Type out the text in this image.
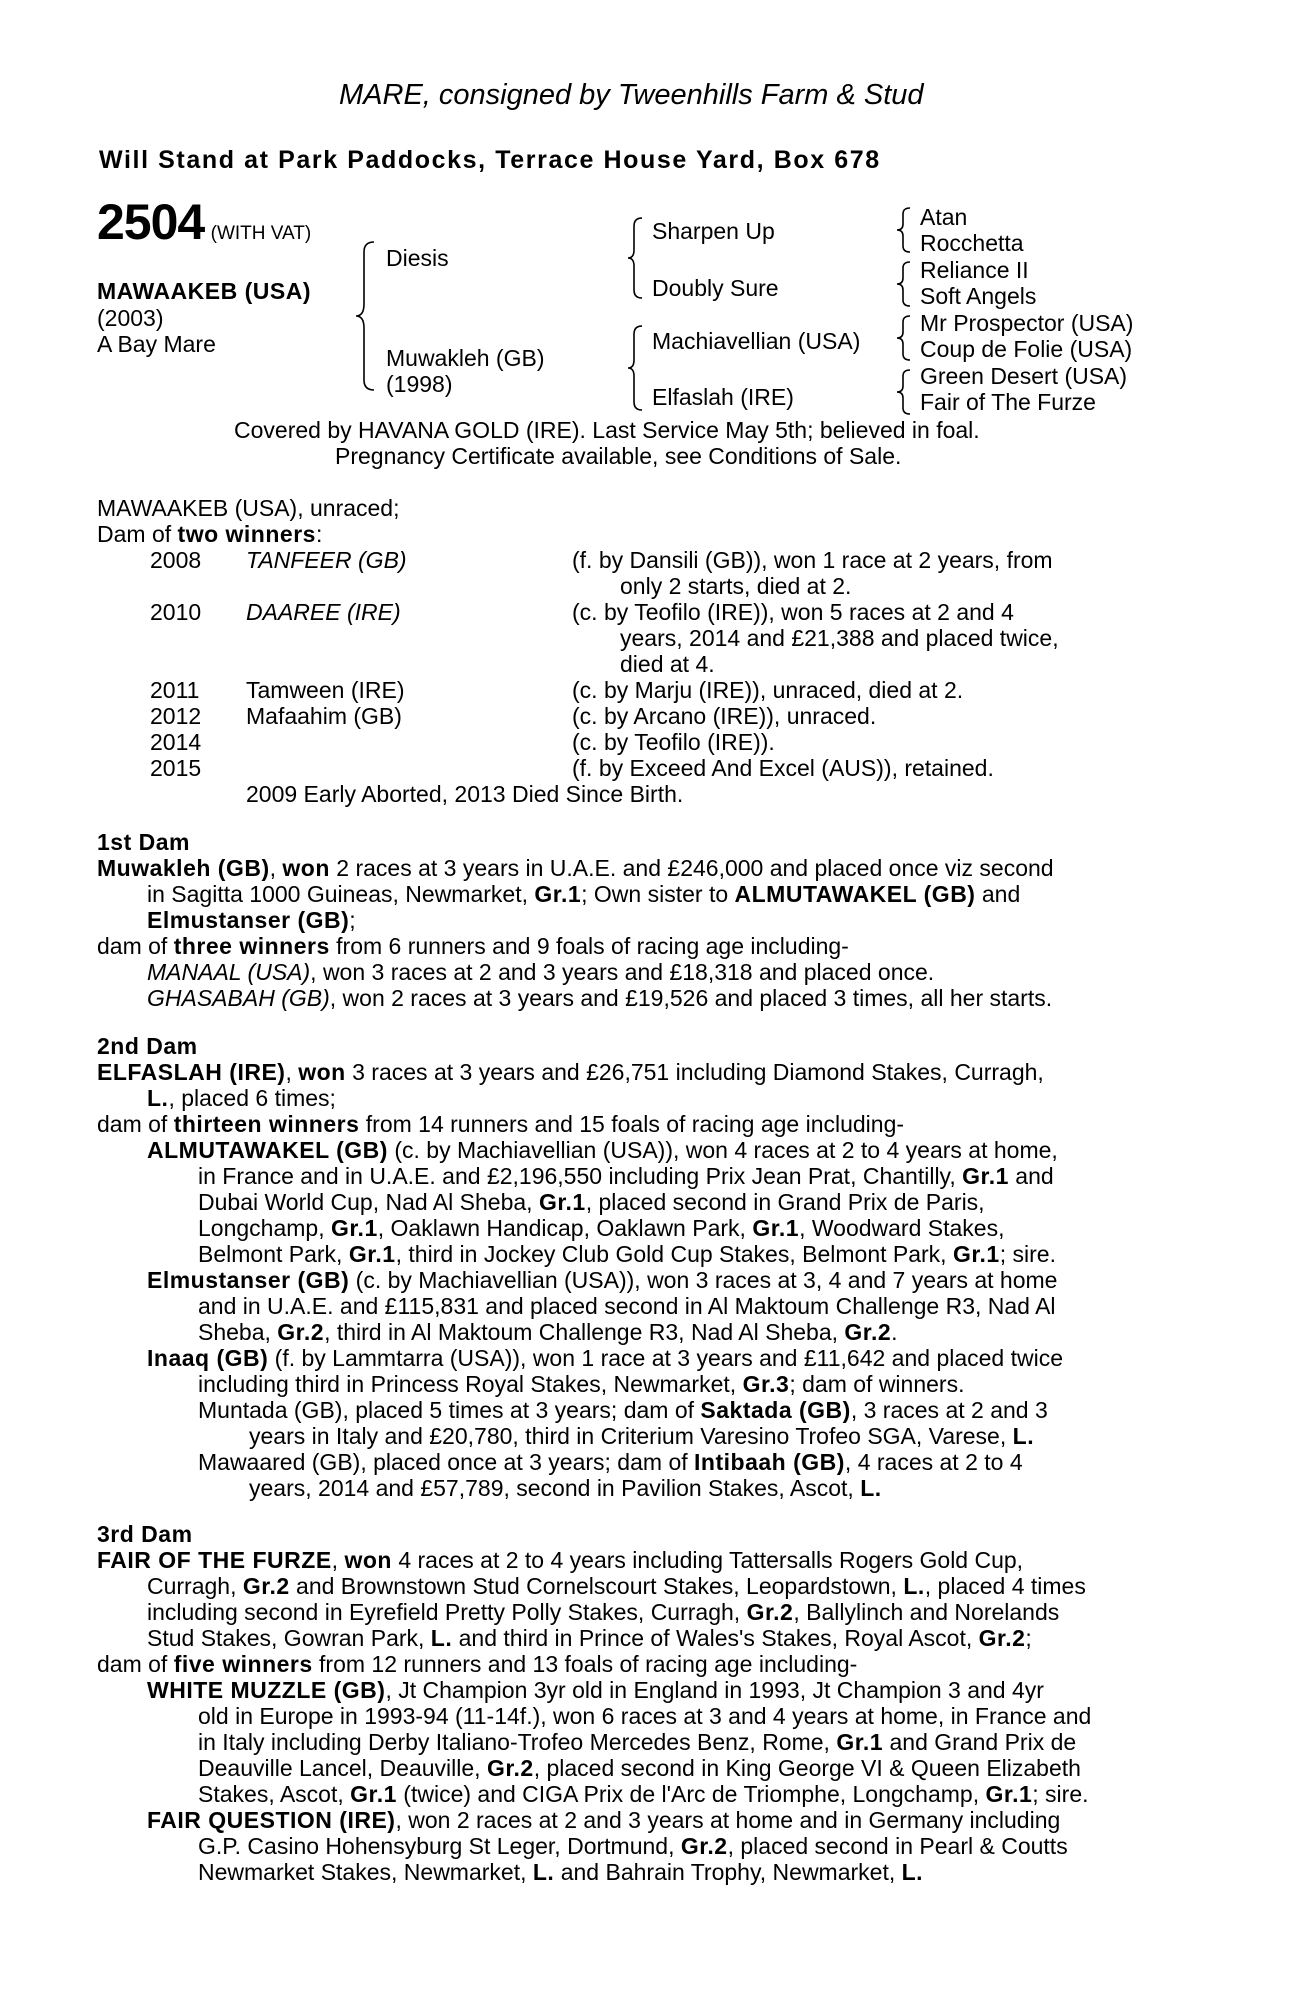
MARE, consigned by Tweenhills Farm & Stud
Will Stand at Park Paddocks, Terrace House Yard, Box 678
2504 (WITH VAT)
MAWAAKEB (USA)
(2003)
A Bay Mare
Diesis
Muwakleh (GB)
(1998)
Sharpen Up
Doubly Sure
Machiavellian (USA)
Elfaslah (IRE)
Atan
Rocchetta
Reliance II
Soft Angels
Mr Prospector (USA)
Coup de Folie (USA)
Green Desert (USA)
Fair of The Furze
Covered by HAVANA GOLD (IRE). Last Service May 5th; believed in foal.
Pregnancy Certificate available, see Conditions of Sale.
MAWAAKEB (USA), unraced;
Dam of two winners:
2008 TANFEER (GB)	(f. by Dansili (GB)), won 1 race at 2 years, from
only 2 starts, died at 2.
2010 DAAREE (IRE)	(c. by Teofilo (IRE)), won 5 races at 2 and 4
years, 2014 and £21,388 and placed twice,
died at 4.
2011 Tamween (IRE)	(c. by Marju (IRE)), unraced, died at 2.
2012 Mafaahim (GB)	(c. by Arcano (IRE)), unraced.
2014	(c. by Teofilo (IRE)).
2015	(f. by Exceed And Excel (AUS)), retained.
2009 Early Aborted, 2013 Died Since Birth.
1st Dam
Muwakleh (GB), won 2 races at 3 years in U.A.E. and £246,000 and placed once viz second
in Sagitta 1000 Guineas, Newmarket, Gr.1; Own sister to ALMUTAWAKEL (GB) and
Elmustanser (GB);
dam of three winners from 6 runners and 9 foals of racing age including-
MANAAL (USA), won 3 races at 2 and 3 years and £18,318 and placed once.
GHASABAH (GB), won 2 races at 3 years and £19,526 and placed 3 times, all her starts.
2nd Dam
ELFASLAH (IRE), won 3 races at 3 years and £26,751 including Diamond Stakes, Curragh,
L., placed 6 times;
dam of thirteen winners from 14 runners and 15 foals of racing age including-
ALMUTAWAKEL (GB) (c. by Machiavellian (USA)), won 4 races at 2 to 4 years at home,
in France and in U.A.E. and £2,196,550 including Prix Jean Prat, Chantilly, Gr.1 and
Dubai World Cup, Nad Al Sheba, Gr.1, placed second in Grand Prix de Paris,
Longchamp, Gr.1, Oaklawn Handicap, Oaklawn Park, Gr.1, Woodward Stakes,
Belmont Park, Gr.1, third in Jockey Club Gold Cup Stakes, Belmont Park, Gr.1; sire.
Elmustanser (GB) (c. by Machiavellian (USA)), won 3 races at 3, 4 and 7 years at home
and in U.A.E. and £115,831 and placed second in Al Maktoum Challenge R3, Nad Al
Sheba, Gr.2, third in Al Maktoum Challenge R3, Nad Al Sheba, Gr.2.
Inaaq (GB) (f. by Lammtarra (USA)), won 1 race at 3 years and £11,642 and placed twice
including third in Princess Royal Stakes, Newmarket, Gr.3; dam of winners.
Muntada (GB), placed 5 times at 3 years; dam of Saktada (GB), 3 races at 2 and 3
years in Italy and £20,780, third in Criterium Varesino Trofeo SGA, Varese, L.
Mawaared (GB), placed once at 3 years; dam of Intibaah (GB), 4 races at 2 to 4
years, 2014 and £57,789, second in Pavilion Stakes, Ascot, L.
3rd Dam
FAIR OF THE FURZE, won 4 races at 2 to 4 years including Tattersalls Rogers Gold Cup,
Curragh, Gr.2 and Brownstown Stud Cornelscourt Stakes, Leopardstown, L., placed 4 times
including second in Eyrefield Pretty Polly Stakes, Curragh, Gr.2, Ballylinch and Norelands
Stud Stakes, Gowran Park, L. and third in Prince of Wales's Stakes, Royal Ascot, Gr.2;
dam of five winners from 12 runners and 13 foals of racing age including-
WHITE MUZZLE (GB), Jt Champion 3yr old in England in 1993, Jt Champion 3 and 4yr
old in Europe in 1993-94 (11-14f.), won 6 races at 3 and 4 years at home, in France and
in Italy including Derby Italiano-Trofeo Mercedes Benz, Rome, Gr.1 and Grand Prix de
Deauville Lancel, Deauville, Gr.2, placed second in King George VI & Queen Elizabeth
Stakes, Ascot, Gr.1 (twice) and CIGA Prix de l'Arc de Triomphe, Longchamp, Gr.1; sire.
FAIR QUESTION (IRE), won 2 races at 2 and 3 years at home and in Germany including
G.P. Casino Hohensyburg St Leger, Dortmund, Gr.2, placed second in Pearl & Coutts
Newmarket Stakes, Newmarket, L. and Bahrain Trophy, Newmarket, L.
